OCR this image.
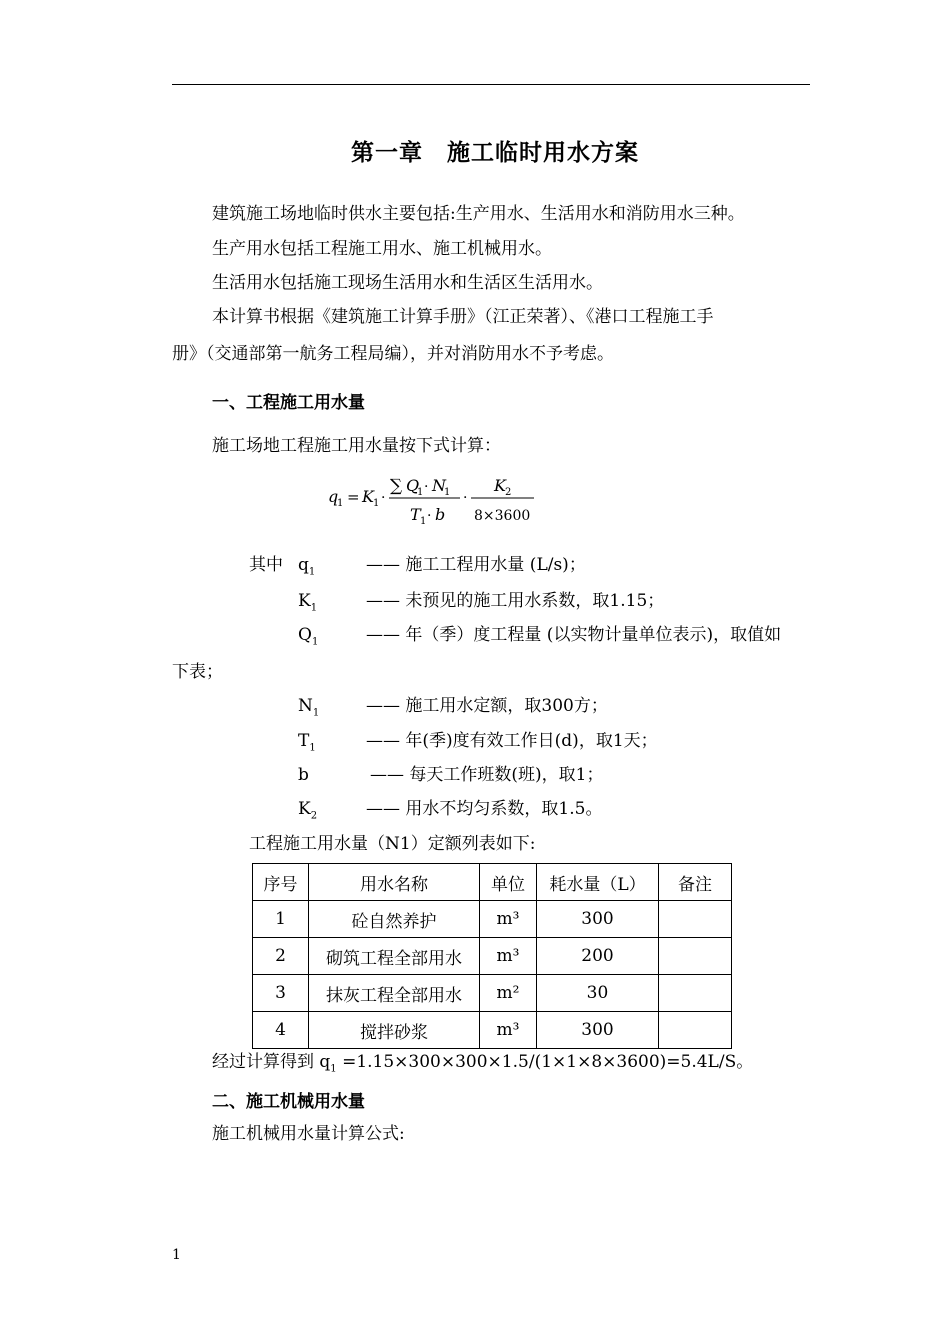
第一章　施工临时用水方案
建筑施工场地临时供水主要包括:生产用水、生活用水和消防用水三种。
生产用水包括工程施工用水、施工机械用水。
生活用水包括施工现场生活用水和生活区生活用水。
本计算书根据《建筑施工计算手册》（江正荣著）、《港口工程施工手
册》（交通部第一航务工程局编），并对消防用水不予考虑。
一、工程施工用水量
施工场地工程施工用水量按下式计算：
q
1 = K 1 ·
∑ Q
1 · N
1
T 1 · b
·
K 2
8×3600
其中 $q_1$	—— 施工工程用水量 (L/s)；
$K_1$	—— 未预见的施工用水系数，取1.15；
$Q_1$	—— 年（季）度工程量 (以实物计量单位表示)，取值如
下表；
$N_1$	—— 施工用水定额，取300方；
$T_1$	—— 年(季)度有效工作日(d)，取1天；
b	—— 每天工作班数(班)，取1；
$K_2$	—— 用水不均匀系数，取1.5。
工程施工用水量（N1）定额列表如下:
序号	用水名称	单位	耗水量（L）	备注
1	砼自然养护	m³	300	
2	砌筑工程全部用水	m³	200	
3	抹灰工程全部用水	m²	30	
4	搅拌砂浆	m³	300	
经过计算得到 $q_1 =1.15\times 300\times 300\times 1.5/(1\times 1\times 8\times 3600)=5.4L/S$。
二、施工机械用水量
施工机械用水量计算公式:
1
